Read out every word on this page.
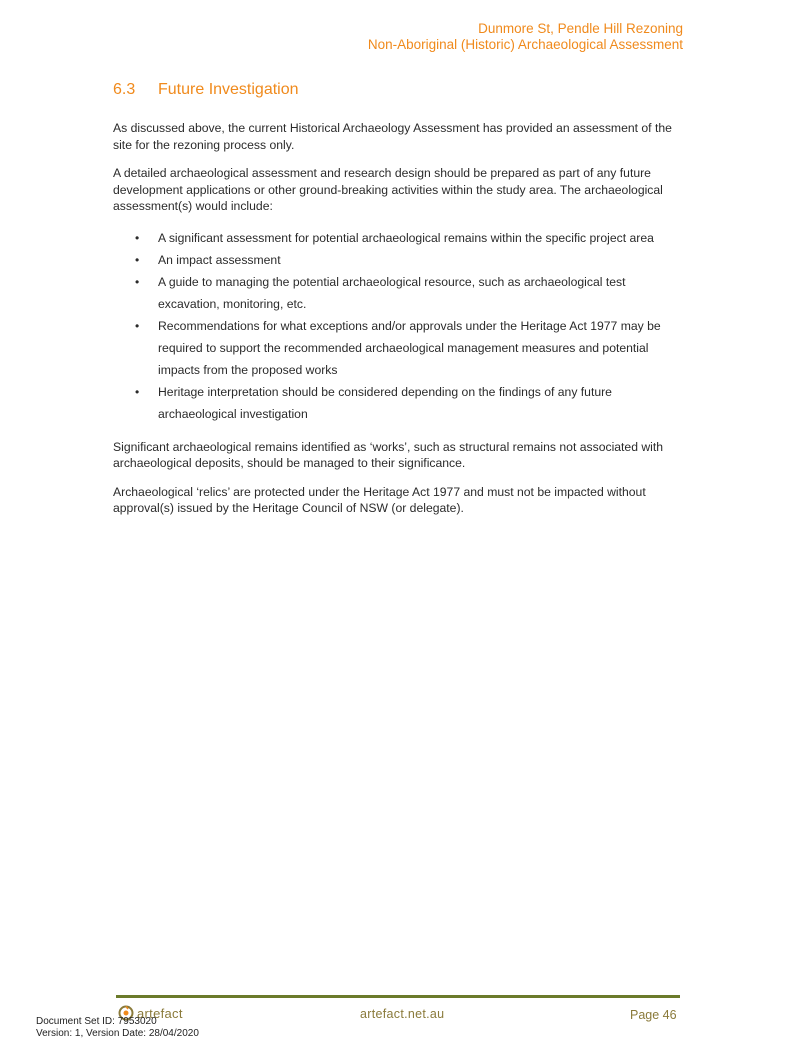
Dunmore St, Pendle Hill Rezoning
Non-Aboriginal (Historic) Archaeological Assessment
6.3 Future Investigation

As discussed above, the current Historical Archaeology Assessment has provided an assessment of the site for the rezoning process only.

A detailed archaeological assessment and research design should be prepared as part of any future development applications or other ground-breaking activities within the study area. The archaeological assessment(s) would include:

• A significant assessment for potential archaeological remains within the specific project area
• An impact assessment
• A guide to managing the potential archaeological resource, such as archaeological test excavation, monitoring, etc.
• Recommendations for what exceptions and/or approvals under the Heritage Act 1977 may be required to support the recommended archaeological management measures and potential impacts from the proposed works
• Heritage interpretation should be considered depending on the findings of any future archaeological investigation

Significant archaeological remains identified as ‘works’, such as structural remains not associated with archaeological deposits, should be managed to their significance.

Archaeological ‘relics’ are protected under the Heritage Act 1977 and must not be impacted without approval(s) issued by the Heritage Council of NSW (or delegate).

artefact	artefact.net.au	Page 46
Document Set ID: 7953020
Version: 1, Version Date: 28/04/2020
